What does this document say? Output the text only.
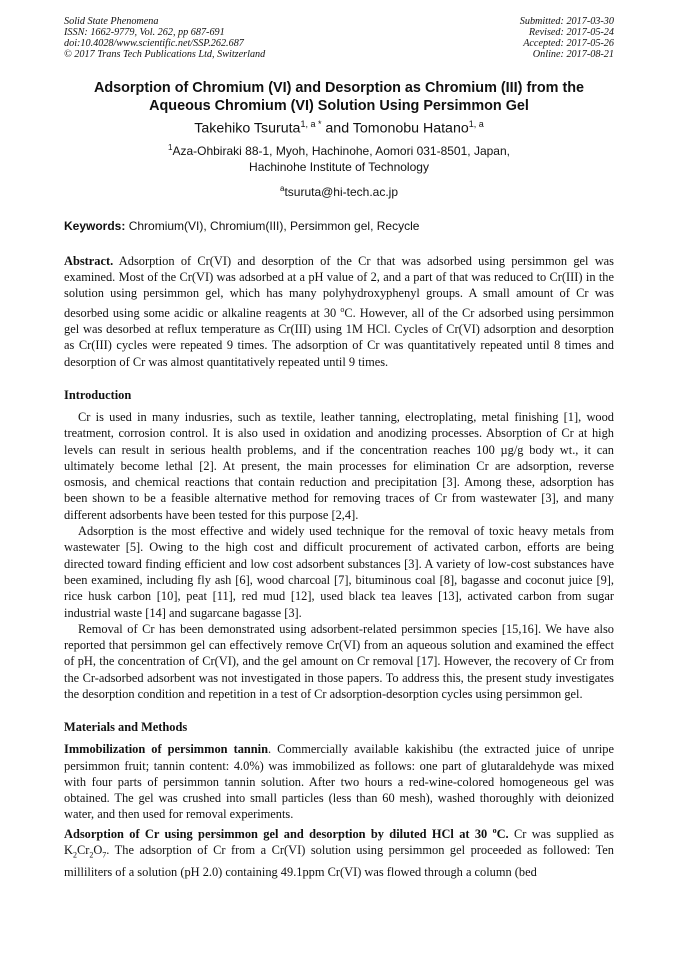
Solid State Phenomena
ISSN: 1662-9779, Vol. 262, pp 687-691
doi:10.4028/www.scientific.net/SSP.262.687
© 2017 Trans Tech Publications Ltd, Switzerland
Submitted: 2017-03-30
Revised: 2017-05-24
Accepted: 2017-05-26
Online: 2017-08-21
Adsorption of Chromium (VI) and Desorption as Chromium (III) from the Aqueous Chromium (VI) Solution Using Persimmon Gel
Takehiko Tsuruta$^{1, a *}$ and Tomonobu Hatano$^{1, a}$
$^1$Aza-Ohbiraki 88-1, Myoh, Hachinohe, Aomori 031-8501, Japan,
Hachinohe Institute of Technology
$^a$tsuruta@hi-tech.ac.jp
Keywords: Chromium(VI), Chromium(III), Persimmon gel, Recycle

Abstract. Adsorption of Cr(VI) and desorption of the Cr that was adsorbed using persimmon gel was examined. Most of the Cr(VI) was adsorbed at a pH value of 2, and a part of that was reduced to Cr(III) in the solution using persimmon gel, which has many polyhydroxyphenyl groups. A small amount of Cr was desorbed using some acidic or alkaline reagents at 30 $^o$C. However, all of the Cr adsorbed using persimmon gel was desorbed at reflux temperature as Cr(III) using 1M HCl. Cycles of Cr(VI) adsorption and desorption as Cr(III) cycles were repeated 9 times. The adsorption of Cr was quantitatively repeated until 8 times and desorption of Cr was almost quantitatively repeated until 9 times.

Introduction

Cr is used in many indusries, such as textile, leather tanning, electroplating, metal finishing [1], wood treatment, corrosion control. It is also used in oxidation and anodizing processes. Absorption of Cr at high levels can result in serious health problems, and if the concentration reaches 100 µg/g body wt., it can ultimately become lethal [2]. At present, the main processes for elimination Cr are adsorption, reverse osmosis, and chemical reactions that contain reduction and precipitation [3]. Among these, adsorption has been shown to be a feasible alternative method for removing traces of Cr from wastewater [3], and many different adsorbents have been tested for this purpose [2,4].

Adsorption is the most effective and widely used technique for the removal of toxic heavy metals from wastewater [5]. Owing to the high cost and difficult procurement of activated carbon, efforts are being directed toward finding efficient and low cost adsorbent substances [3]. A variety of low-cost substances have been examined, including fly ash [6], wood charcoal [7], bituminous coal [8], bagasse and coconut juice [9], rice husk carbon [10], peat [11], red mud [12], used black tea leaves [13], activated carbon from sugar industrial waste [14] and sugarcane bagasse [3].

Removal of Cr has been demonstrated using adsorbent-related persimmon species [15,16]. We have also reported that persimmon gel can effectively remove Cr(VI) from an aqueous solution and examined the effect of pH, the concentration of Cr(VI), and the gel amount on Cr removal [17]. However, the recovery of Cr from the Cr-adsorbed adsorbent was not investigated in those papers. To address this, the present study investigates the desorption condition and repetition in a test of Cr adsorption-desorption cycles using persimmon gel.

Materials and Methods

Immobilization of persimmon tannin. Commercially available kakishibu (the extracted juice of unripe persimmon fruit; tannin content: 4.0%) was immobilized as follows: one part of glutaraldehyde was mixed with four parts of persimmon tannin solution. After two hours a red-wine-colored homogeneous gel was obtained. The gel was crushed into small particles (less than 60 mesh), washed thoroughly with deionized water, and then used for removal experiments.

Adsorption of Cr using persimmon gel and desorption by diluted HCl at 30 $^o$C. Cr was supplied as $K_2Cr_2O_7$. The adsorption of Cr from a Cr(VI) solution using persimmon gel proceeded as followed: Ten milliliters of a solution (pH 2.0) containing 49.1ppm Cr(VI) was flowed through a column (bed
